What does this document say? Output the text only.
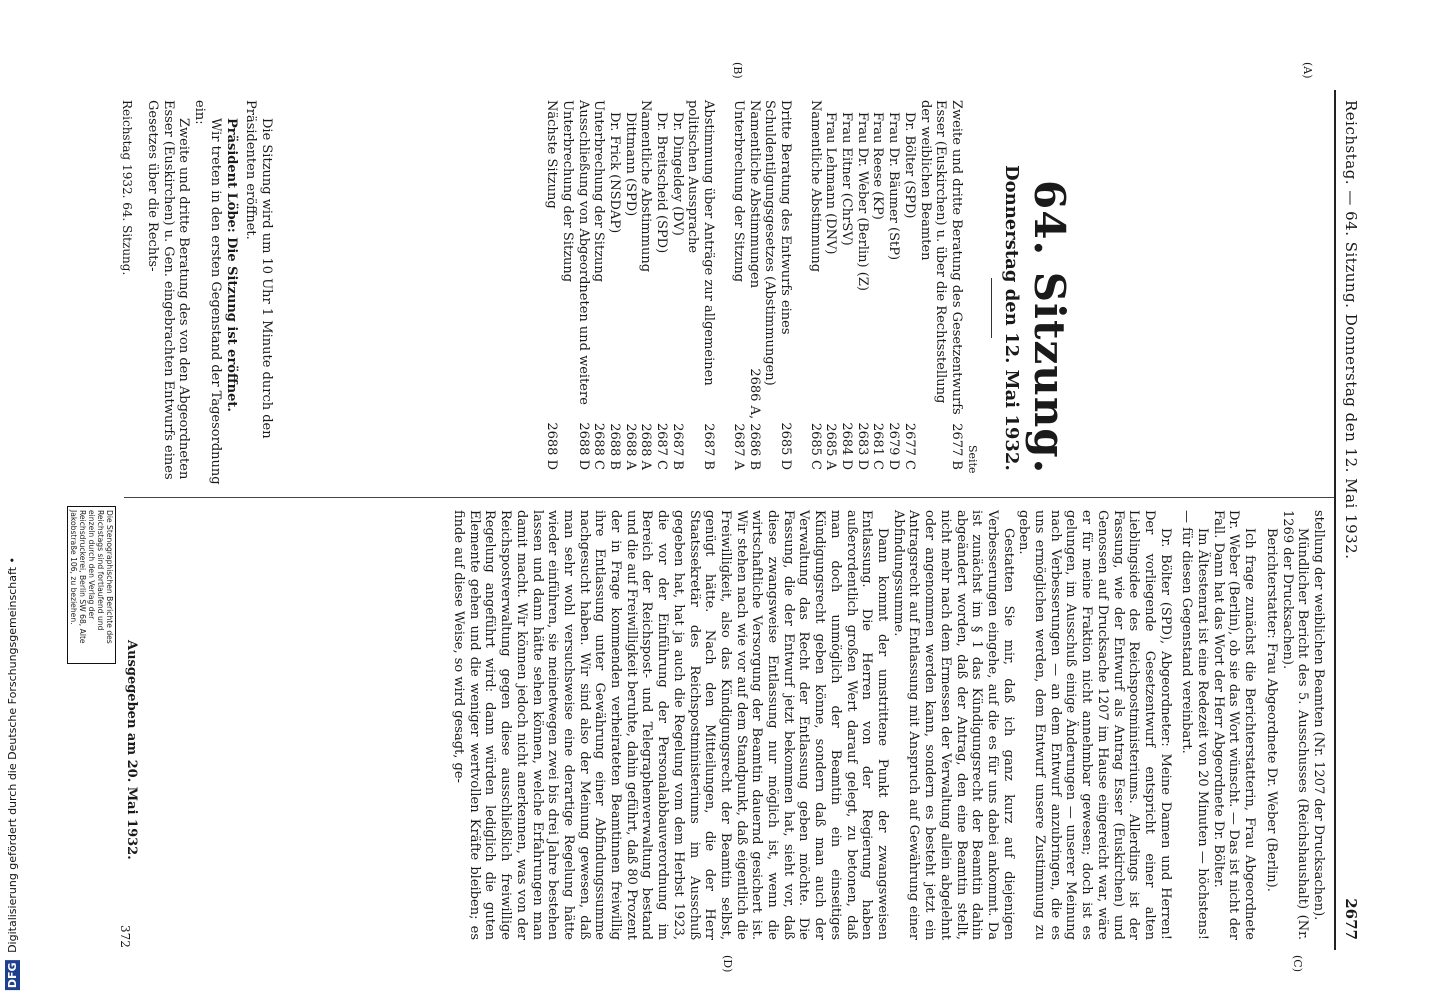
Reichstag. — 64. Sitzung. Donnerstag den 12. Mai 1932.
2677
(A)
(B)
(C)
(D)
64. Sitzung.
Donnerstag den 12. Mai 1932.
Seite
Zweite und dritte Beratung des Gesetzentwurfs Esser (Euskirchen) u. über die Rechtsstellung der weiblichen Beamten
2677 B
Dr. Bölter (SPD)
2677 C
Frau Dr. Bäumer (StP)
2679 D
Frau Reese (KP)
2681 C
Frau Dr. Weber (Berlin) (Z)
2683 D
Frau Eitner (ChrSV)
2684 D
Frau Lehmann (DNV)
2685 A
Namentliche Abstimmung
2685 C
Dritte Beratung des Entwurfs eines Schuldentilgungsgesetzes (Abstimmungen)
2685 D
Namentliche Abstimmungen
2686 A, 2686 B
Unterbrechung der Sitzung
2687 A
Abstimmung über Anträge zur allgemeinen politischen Aussprache
2687 B
Dr. Dingeldey (DV)
2687 B
Dr. Breitscheid (SPD)
2687 C
Namentliche Abstimmung
2688 A
Dittmann (SPD)
2688 A
Dr. Frick (NSDAP)
2688 B
Unterbrechung der Sitzung
2688 C
Ausschließung von Abgeordneten und weitere Unterbrechung der Sitzung
2688 D
Nächste Sitzung
2688 D

Die Sitzung wird um 10 Uhr 1 Minute durch den Präsidenten eröffnet.

Präsident Löbe: Die Sitzung ist eröffnet.

Wir treten in den ersten Gegenstand der Tagesordnung ein:

Zweite und dritte Beratung des von den Abgeordneten Esser (Euskirchen) u. Gen. eingebrachten Entwurfs eines Gesetzes über die Rechts-

Reichstag 1932. 64. Sitzung.

stellung der weiblichen Beamten (Nr. 1207 der Drucksachen).

Mündlicher Bericht des 5. Ausschusses (Reichshaushalt) (Nr. 1269 der Drucksachen).

Berichterstatter: Frau Abgeordnete Dr. Weber (Berlin).

Ich frage zunächst die Berichterstatterin, Frau Abgeordnete Dr. Weber (Berlin), ob sie das Wort wünscht. — Das ist nicht der Fall. Dann hat das Wort der Herr Abgeordnete Dr. Bölter.

Im Ältestenrat ist eine Redezeit von 20 Minuten — höchstens! — für diesen Gegenstand vereinbart.

Dr. Bölter (SPD), Abgeordneter: Meine Damen und Herren! Der vorliegende Gesetzentwurf entspricht einer alten Lieblingsidee des Reichspostministeriums. Allerdings ist der Fassung, wie der Entwurf als Antrag Esser (Euskirchen) und Genossen auf Drucksache 1207 im Hause eingereicht war, wäre er für meine Fraktion nicht annehmbar gewesen; doch ist es gelungen, im Ausschuß einige Änderungen — unserer Meinung nach Verbesserungen — an dem Entwurf anzubringen, die es uns ermöglichen werden, dem Entwurf unsere Zustimmung zu geben.

Gestatten Sie mir, daß ich ganz kurz auf diejenigen Verbesserungen eingehe, auf die es für uns dabei ankommt. Da ist zunächst im § 1 das Kündigungsrecht der Beamtin dahin abgeändert worden, daß der Antrag, den eine Beamtin stellt, nicht mehr nach dem Ermessen der Verwaltung allein abgelehnt oder angenommen werden kann, sondern es besteht jetzt ein Antragsrecht auf Entlassung mit Anspruch auf Gewährung einer Abfindungssumme.

Dann kommt der umstrittene Punkt der zwangsweisen Entlassung. Die Herren von der Regierung haben außerordentlich großen Wert darauf gelegt, zu betonen, daß man doch unmöglich der Beamtin ein einseitiges Kündigungsrecht geben könne, sondern daß man auch der Verwaltung das Recht der Entlassung geben möchte. Die Fassung, die der Entwurf jetzt bekommen hat, sieht vor, daß diese zwangsweise Entlassung nur möglich ist, wenn die wirtschaftliche Versorgung der Beamtin dauernd gesichert ist. Wir stehen nach wie vor auf dem Standpunkt, daß eigentlich die Freiwilligkeit, also das Kündigungsrecht der Beamtin selbst, genügt hätte. Nach den Mitteilungen, die der Herr Staatssekretär des Reichspostministeriums im Ausschuß gegeben hat, hat ja auch die Regelung vom dem Herbst 1923, die vor der Einführung der Personalabbauverordnung im Bereich der Reichspost- und Telegraphenverwaltung bestand und die auf Freiwilligkeit beruhte, dahin geführt, daß 80 Prozent der in Frage kommenden verheirateten Beamtinnen freiwillig ihre Entlassung unter Gewährung einer Abfindungssumme nachgesucht haben. Wir sind also der Meinung gewesen, daß man sehr wohl versuchsweise eine derartige Regelung hätte wieder einführen, sie meinetwegen zwei bis drei Jahre bestehen lassen und dann hätte sehen können, welche Erfahrungen man damit macht. Wir können jedoch nicht anerkennen, was von der Reichspostverwaltung gegen diese ausschließlich freiwillige Regelung angeführt wird: dann würden lediglich die guten Elemente gehen und die weniger wertvollen Kräfte bleiben; es finde auf diese Weise, so wird gesagt, ge-

Die Stenographischen Berichte des Reichstags sind fortlaufend und einzeln durch den Verlag der Reichsdruckerei, Berlin SW 68, Alte Jakobstraße 106, zu beziehen.
Ausgegeben am 20. Mai 1932.
372
DFG Digitalisierung gefördert durch die Deutsche Forschungsgemeinschaft •
